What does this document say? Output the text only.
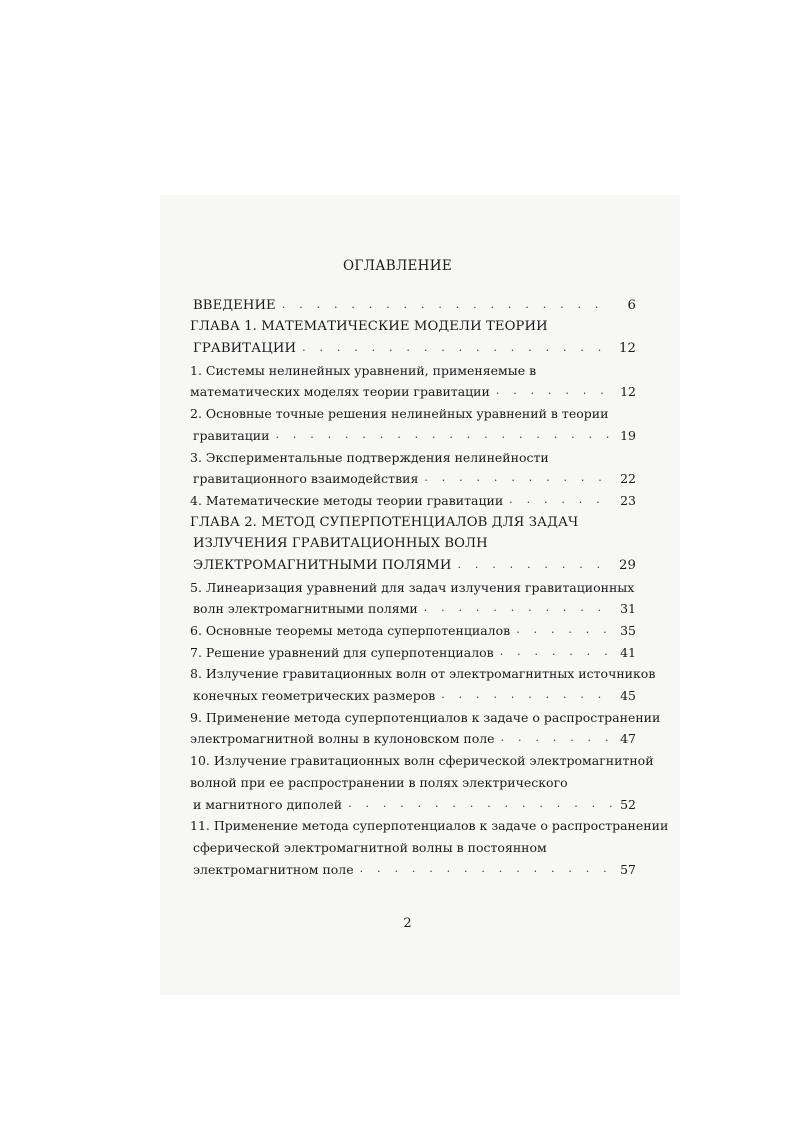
ОГЛАВЛЕНИЕ
ВВЕДЕНИЕ . . .	6
ГЛАВА 1. МАТЕМАТИЧЕСКИЕ МОДЕЛИ ТЕОРИИ
ГРАВИТАЦИИ . . .	12
1. Системы нелинейных уравнений, применяемые в
математических моделях теории гравитации . . .	12
2. Основные точные решения нелинейных уравнений в теории
гравитации . . .	19
3. Экспериментальные подтверждения нелинейности
гравитационного взаимодействия . . .	22
4. Математические методы теории гравитации . . .	23
ГЛАВА 2. МЕТОД СУПЕРПОТЕНЦИАЛОВ ДЛЯ ЗАДАЧ
ИЗЛУЧЕНИЯ ГРАВИТАЦИОННЫХ ВОЛН
ЭЛЕКТРОМАГНИТНЫМИ ПОЛЯМИ . . .	29
5. Линеаризация уравнений для задач излучения гравитационных
волн электромагнитными полями . . .	31
6. Основные теоремы метода суперпотенциалов . . .	35
7. Решение уравнений для суперпотенциалов . . .	41
8. Излучение гравитационных волн от электромагнитных источников
конечных геометрических размеров . . .	45
9. Применение метода суперпотенциалов к задаче о распространении
электромагнитной волны в кулоновском поле . . .	47
10. Излучение гравитационных волн сферической электромагнитной
волной при ее распространении в полях электрического
и магнитного диполей . . .	52
11. Применение метода суперпотенциалов к задаче о распространении
сферической электромагнитной волны в постоянном
электромагнитном поле . . .	57
2
